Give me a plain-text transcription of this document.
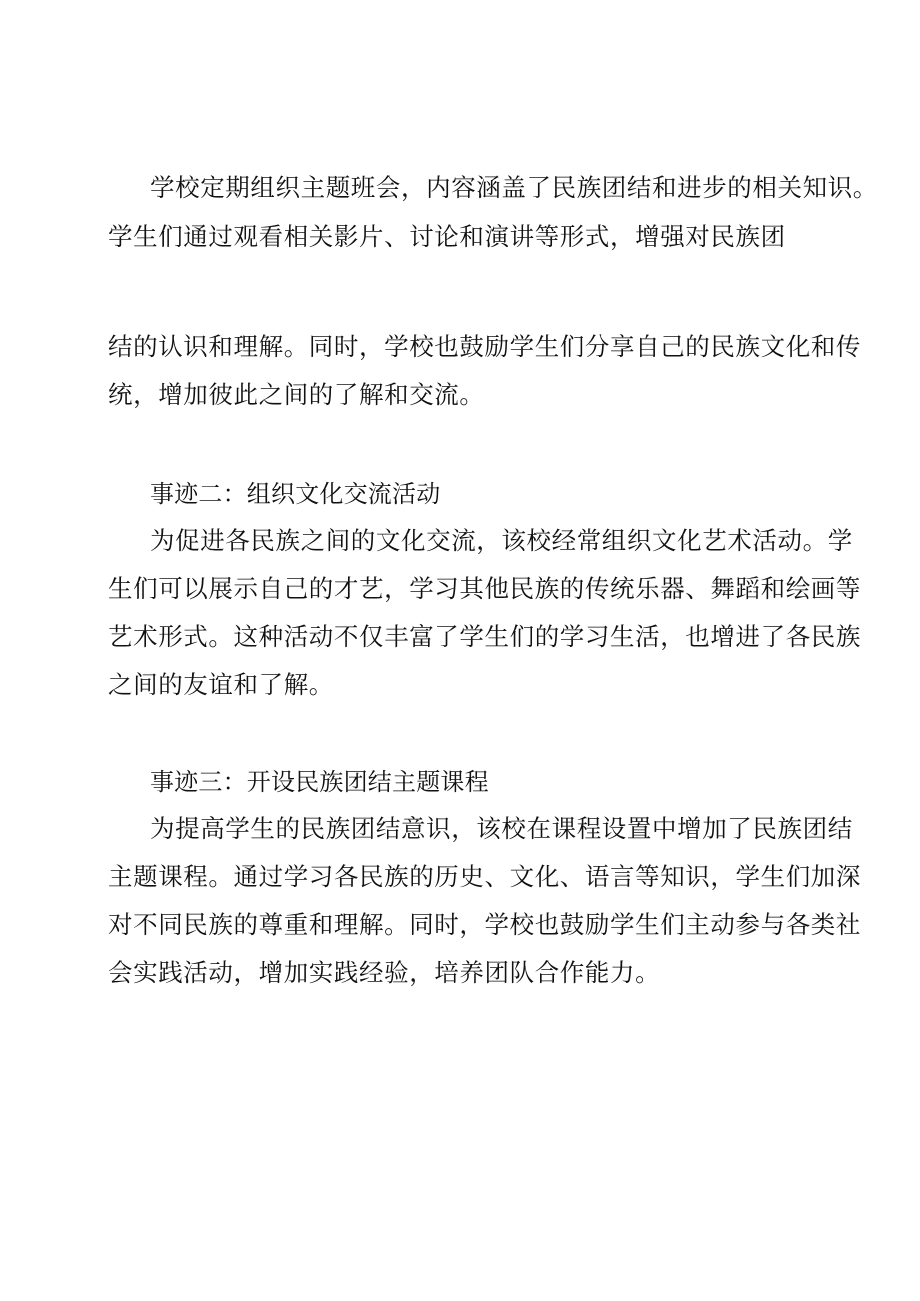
学校定期组织主题班会，内容涵盖了民族团结和进步的相关知识。
学生们通过观看相关影片、讨论和演讲等形式，增强对民族团
结的认识和理解。同时，学校也鼓励学生们分享自己的民族文化和传
统，增加彼此之间的了解和交流。
事迹二：组织文化交流活动
为促进各民族之间的文化交流，该校经常组织文化艺术活动。学
生们可以展示自己的才艺，学习其他民族的传统乐器、舞蹈和绘画等
艺术形式。这种活动不仅丰富了学生们的学习生活，也增进了各民族
之间的友谊和了解。
事迹三：开设民族团结主题课程
为提高学生的民族团结意识，该校在课程设置中增加了民族团结
主题课程。通过学习各民族的历史、文化、语言等知识，学生们加深
对不同民族的尊重和理解。同时，学校也鼓励学生们主动参与各类社
会实践活动，增加实践经验，培养团队合作能力。
